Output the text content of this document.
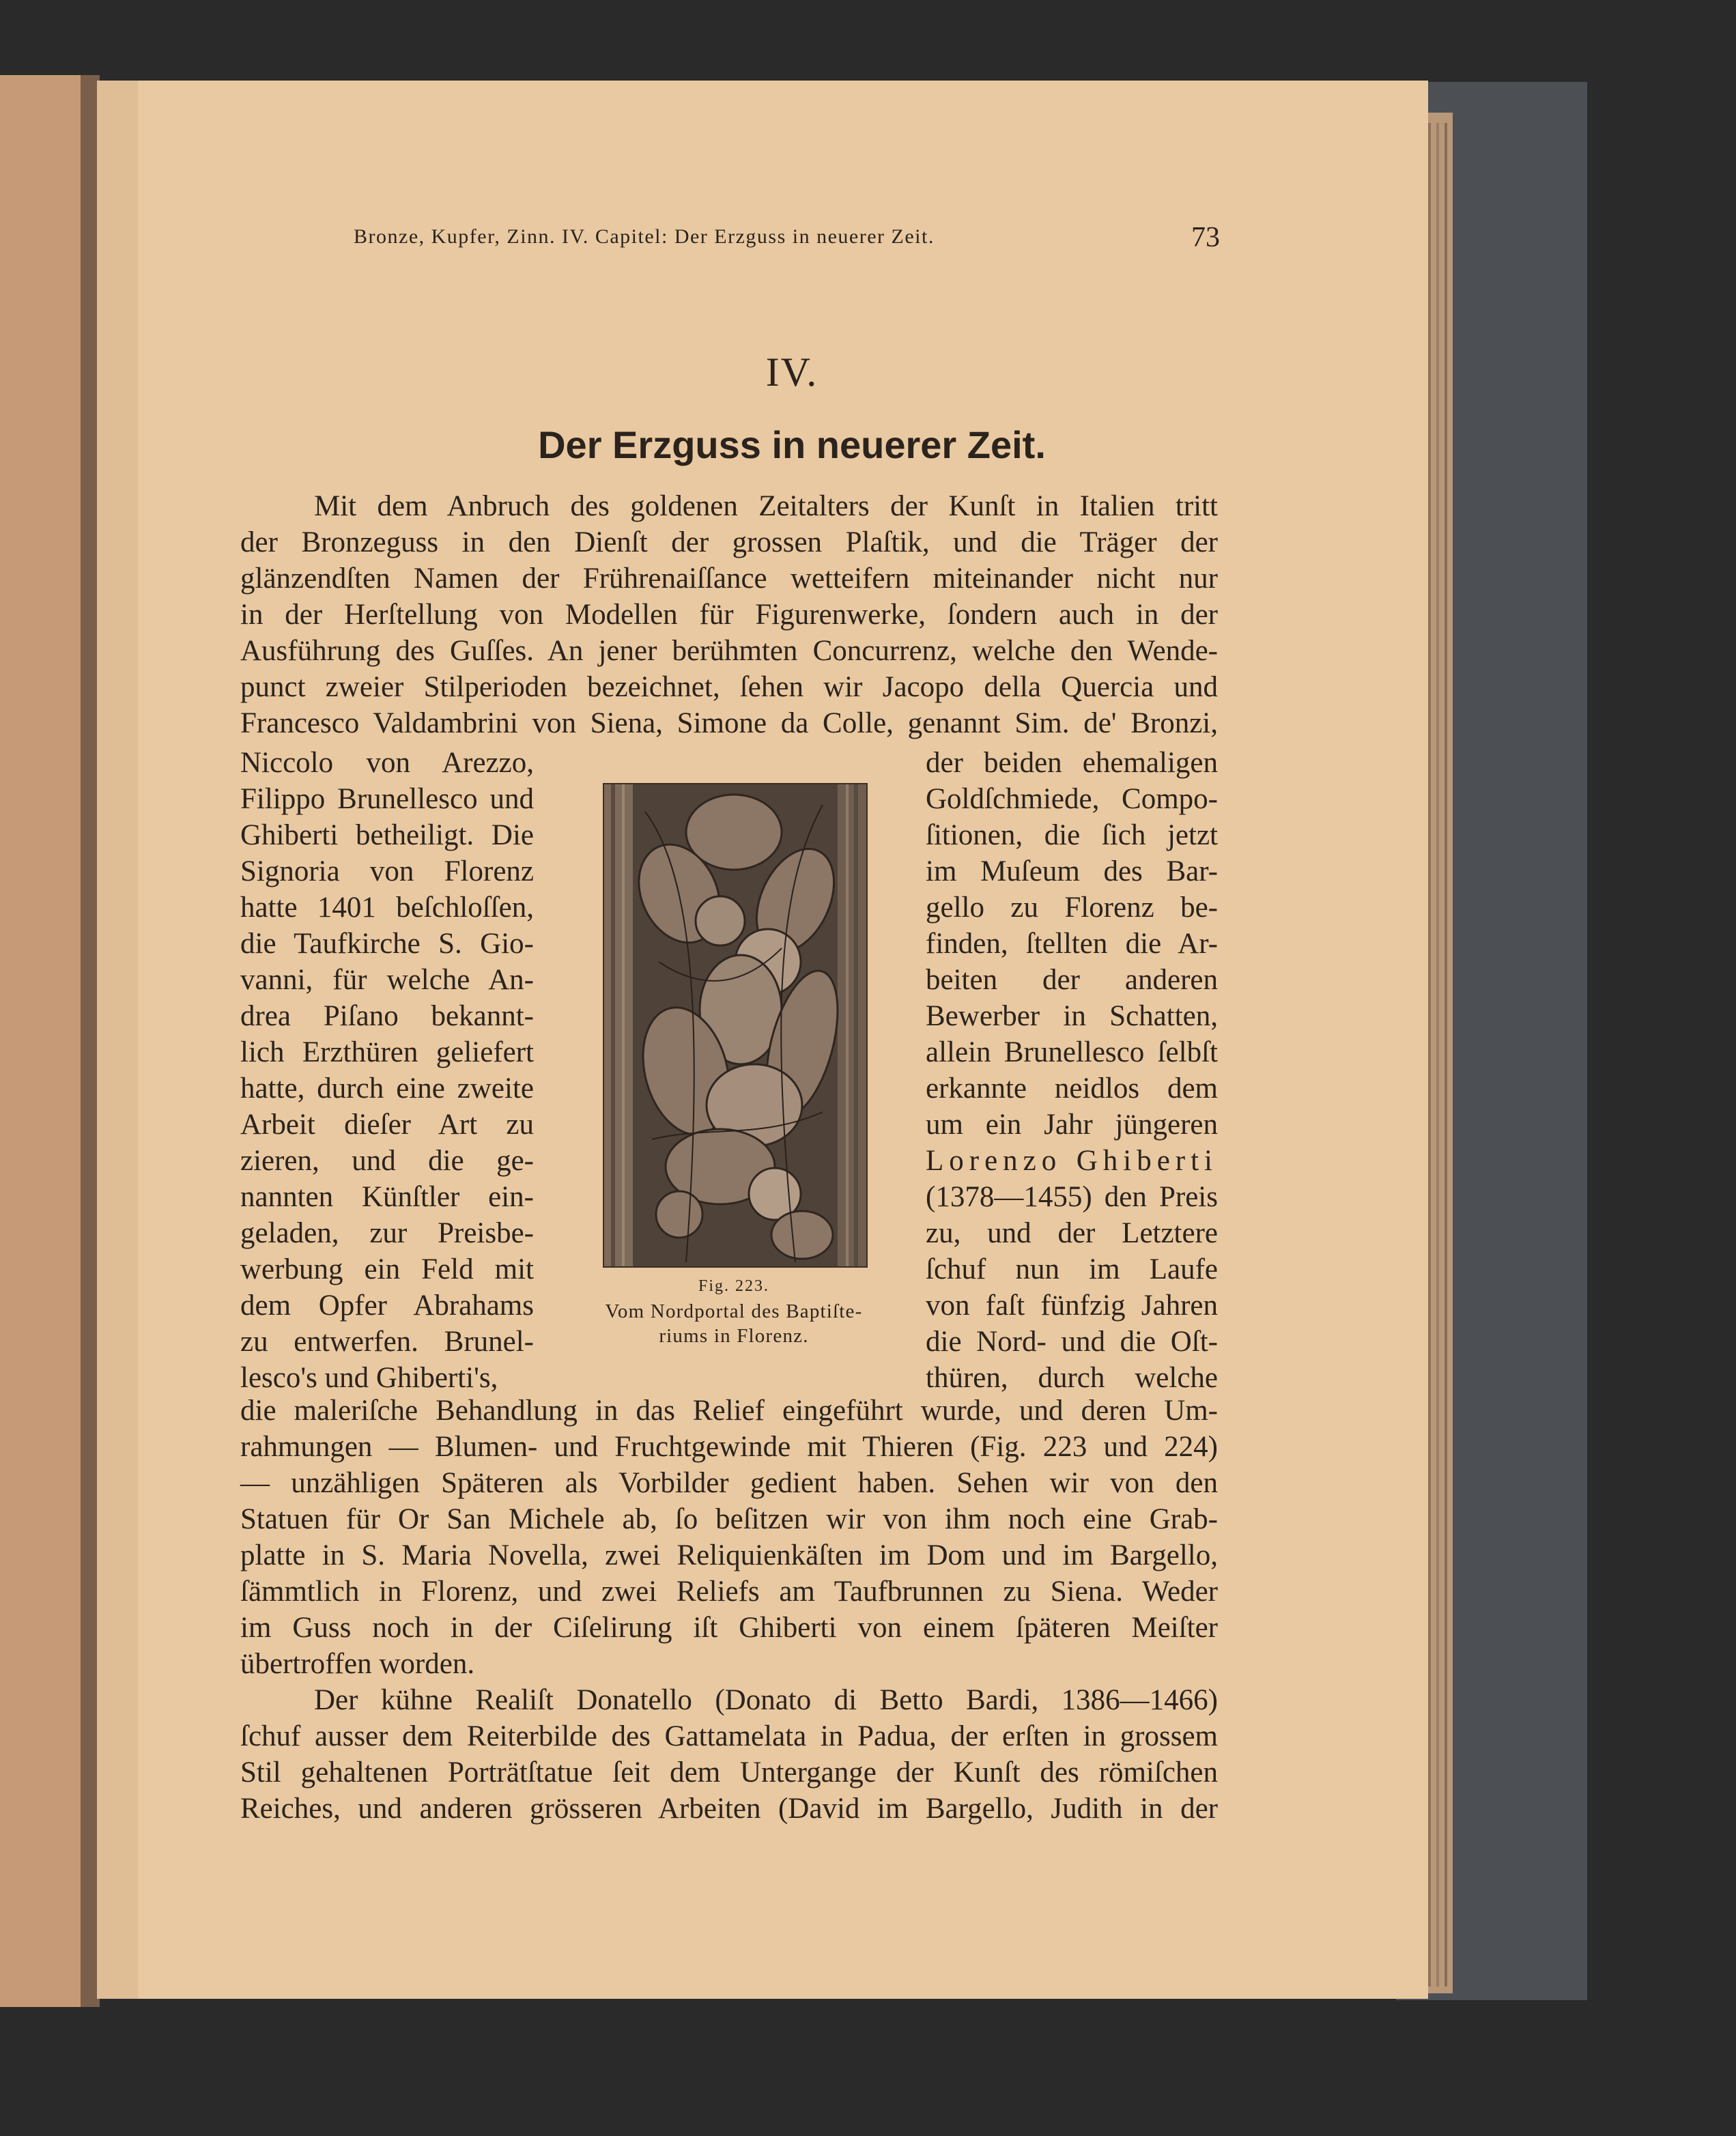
Bronze, Kupfer, Zinn. IV. Capitel: Der Erzguss in neuerer Zeit.	73
IV.
Der Erzguss in neuerer Zeit.
Mit dem Anbruch des goldenen Zeitalters der Kunſt in Italien tritt
der Bronzeguss in den Dienſt der grossen Plaſtik, und die Träger der
glänzendſten Namen der Frührenaiſſance wetteifern miteinander nicht nur
in der Herſtellung von Modellen für Figurenwerke, ſondern auch in der
Ausführung des Guſſes. An jener berühmten Concurrenz, welche den Wende-
punct zweier Stilperioden bezeichnet, ſehen wir Jacopo della Quercia und
Francesco Valdambrini von Siena, Simone da Colle, genannt Sim. de' Bronzi,
die maleriſche Behandlung in das Relief eingeführt wurde, und deren Um-
rahmungen — Blumen- und Fruchtgewinde mit Thieren (Fig. 223 und 224)
— unzähligen Späteren als Vorbilder gedient haben. Sehen wir von den
Statuen für Or San Michele ab, ſo beſitzen wir von ihm noch eine Grab-
platte in S. Maria Novella, zwei Reliquienkäſten im Dom und im Bargello,
ſämmtlich in Florenz, und zwei Reliefs am Taufbrunnen zu Siena. Weder
im Guss noch in der Ciſelirung iſt Ghiberti von einem ſpäteren Meiſter
übertroffen worden.
Der kühne Realiſt Donatello (Donato di Betto Bardi, 1386—1466)
ſchuf ausser dem Reiterbilde des Gattamelata in Padua, der erſten in grossem
Stil gehaltenen Porträtſtatue ſeit dem Untergange der Kunſt des römiſchen
Reiches, und anderen grösseren Arbeiten (David im Bargello, Judith in der
Niccolo von Arezzo,
Filippo Brunellesco und
Ghiberti betheiligt. Die
Signoria von Florenz
hatte 1401 beſchloſſen,
die Taufkirche S. Gio-
vanni, für welche An-
drea Piſano bekannt-
lich Erzthüren geliefert
hatte, durch eine zweite
Arbeit dieſer Art zu
zieren, und die ge-
nannten Künſtler ein-
geladen, zur Preisbe-
werbung ein Feld mit
dem Opfer Abrahams
zu entwerfen. Brunel-
lesco's und Ghiberti's,
der beiden ehemaligen
Goldſchmiede, Compo-
ſitionen, die ſich jetzt
im Muſeum des Bar-
gello zu Florenz be-
finden, ſtellten die Ar-
beiten der anderen
Bewerber in Schatten,
allein Brunellesco ſelbſt
erkannte neidlos dem
um ein Jahr jüngeren
Lorenzo Ghiberti
(1378—1455) den Preis
zu, und der Letztere
ſchuf nun im Laufe
von faſt fünfzig Jahren
die Nord- und die Oſt-
thüren, durch welche
Fig. 223.
Vom Nordportal des Baptiſte-
riums in Florenz.
